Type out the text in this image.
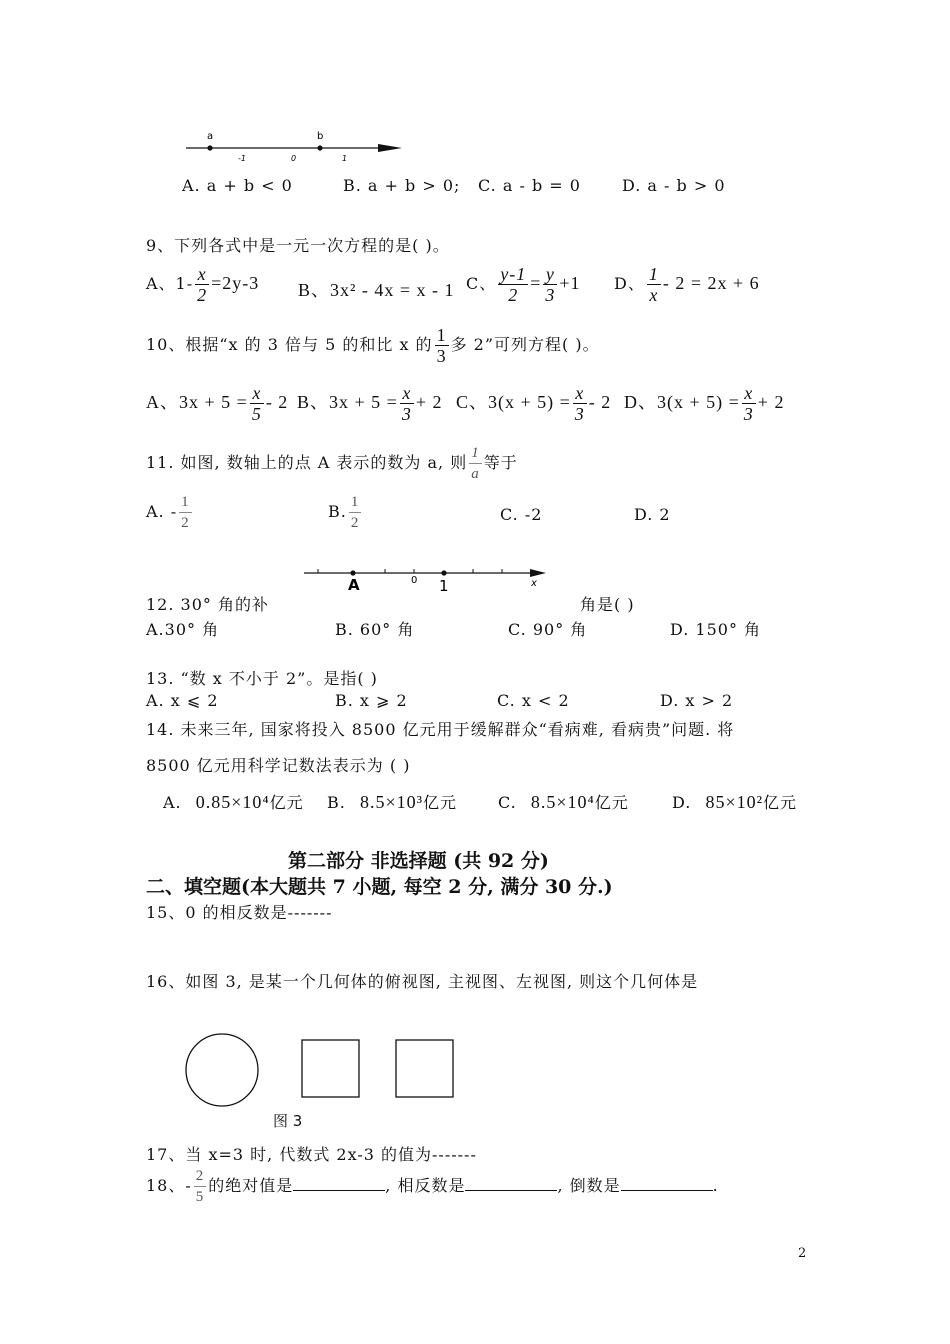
a	b
-1	0	1
A. a + b < 0	B. a + b > 0; C. a - b = 0	D. a - b > 0
9、下列各式中是一元一次方程的是( )。
A、$1- \frac{x}{2} =2y-3$ B、3x² - 4x = x - 1 C、 $\frac{y-1}{2} = \frac{y}{3} +1$ D、 $\frac{1}{x} - 2 = 2x + 6$
10、根据“x 的 3 倍与 5 的和比 x 的 $\frac{1}{3}$ 多 2”可列方程( )。
A、$3x + 5 = \frac{x}{5} - 2$ B、$3x + 5 = \frac{x}{3} + 2$ C、$3(x + 5) = \frac{x}{3} - 2$ D、$3(x + 5) = \frac{x}{3} + 2$
11. 如图, 数轴上的点 A 表示的数为 a, 则 $\frac{1}{a}$ 等于
A. - $\frac{1}{2}$	B. $\frac{1}{2}$	C. -2	D. 2
A	0 1	x
12. 30° 角的补	角是( )
A.30° 角	B. 60° 角	C. 90° 角	D. 150° 角
13. “数 x 不小于 2”。是指( )
A. x ⩽ 2	B. x ⩾ 2	C. x < 2	D. x > 2
14. 未来三年, 国家将投入 8500 亿元用于缓解群众“看病难, 看病贵”问题. 将
8500 亿元用科学记数法表示为 ( )
A. 0.85×10⁴亿元 B. 8.5×10³亿元	C. 8.5×10⁴亿元	D. 85×10²亿元
第二部分 非选择题 (共 92 分)
二、填空题(本大题共 7 小题, 每空 2 分, 满分 30 分.)
15、0 的相反数是-------
16、如图 3, 是某一个几何体的俯视图, 主视图、左视图, 则这个几何体是
图 3
17、当 x=3 时, 代数式 2x-3 的值为-------
18、- $\frac{2}{5}$ 的绝对值是	, 相反数是	, 倒数是	.
2
